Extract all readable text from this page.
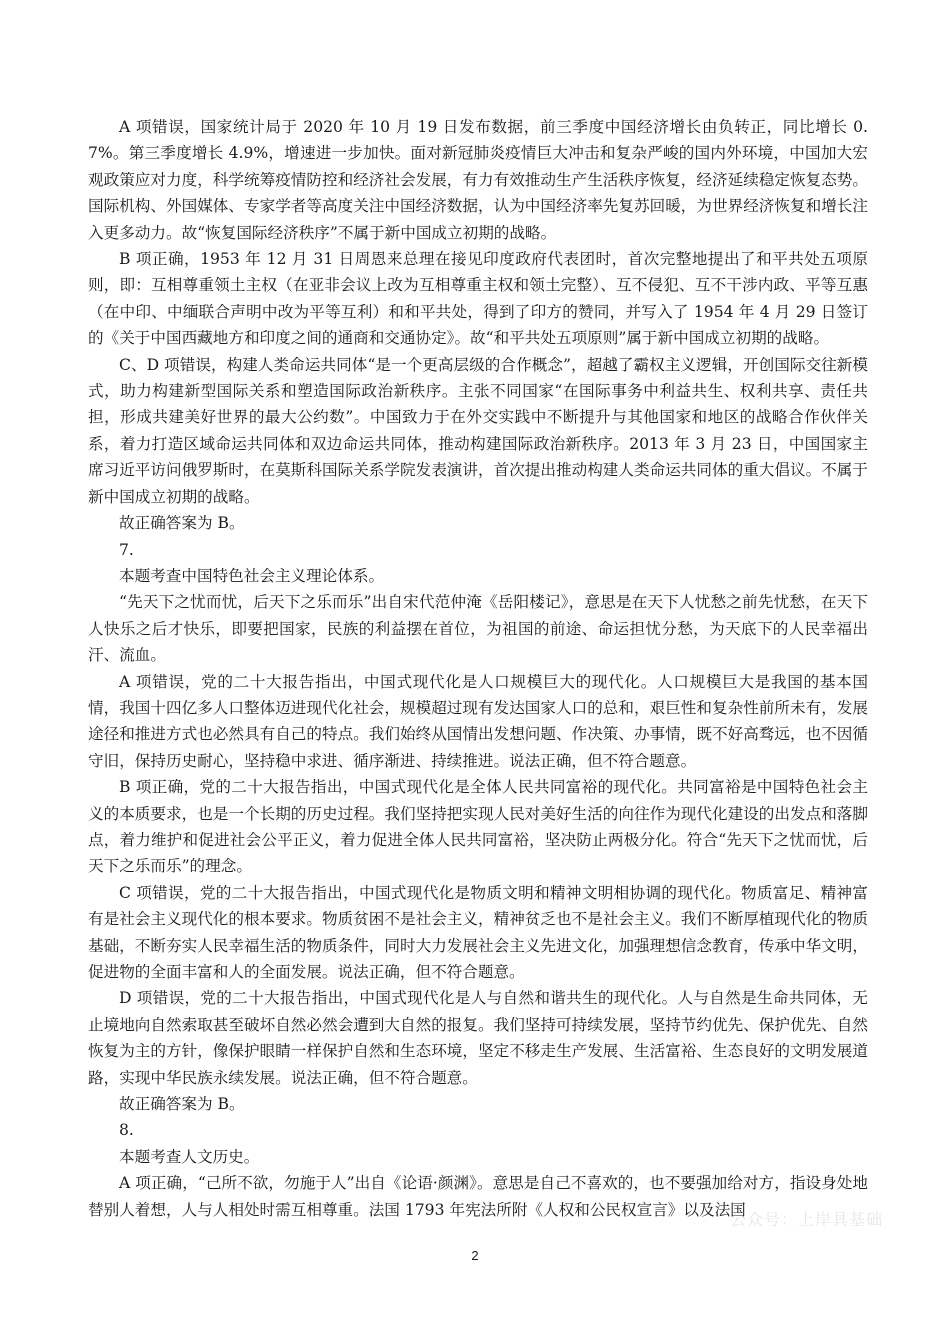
A 项错误，国家统计局于 2020 年 10 月 19 日发布数据，前三季度中国经济增长由负转正，同比增长 0.7%。第三季度增长 4.9%，增速进一步加快。面对新冠肺炎疫情巨大冲击和复杂严峻的国内外环境，中国加大宏观政策应对力度，科学统筹疫情防控和经济社会发展，有力有效推动生产生活秩序恢复，经济延续稳定恢复态势。国际机构、外国媒体、专家学者等高度关注中国经济数据，认为中国经济率先复苏回暖，为世界经济恢复和增长注入更多动力。故“恢复国际经济秩序”不属于新中国成立初期的战略。

B 项正确，1953 年 12 月 31 日周恩来总理在接见印度政府代表团时，首次完整地提出了和平共处五项原则，即：互相尊重领土主权（在亚非会议上改为互相尊重主权和领土完整）、互不侵犯、互不干涉内政、平等互惠（在中印、中缅联合声明中改为平等互利）和和平共处，得到了印方的赞同，并写入了 1954 年 4 月 29 日签订的《关于中国西藏地方和印度之间的通商和交通协定》。故“和平共处五项原则”属于新中国成立初期的战略。

C、D 项错误，构建人类命运共同体“是一个更高层级的合作概念”，超越了霸权主义逻辑，开创国际交往新模式，助力构建新型国际关系和塑造国际政治新秩序。主张不同国家“在国际事务中利益共生、权利共享、责任共担，形成共建美好世界的最大公约数”。中国致力于在外交实践中不断提升与其他国家和地区的战略合作伙伴关系，着力打造区域命运共同体和双边命运共同体，推动构建国际政治新秩序。2013 年 3 月 23 日，中国国家主席习近平访问俄罗斯时，在莫斯科国际关系学院发表演讲，首次提出推动构建人类命运共同体的重大倡议。不属于新中国成立初期的战略。

故正确答案为 B。

7.

本题考查中国特色社会主义理论体系。

“先天下之忧而忧，后天下之乐而乐”出自宋代范仲淹《岳阳楼记》，意思是在天下人忧愁之前先忧愁，在天下人快乐之后才快乐，即要把国家，民族的利益摆在首位，为祖国的前途、命运担忧分愁，为天底下的人民幸福出汗、流血。

A 项错误，党的二十大报告指出，中国式现代化是人口规模巨大的现代化。人口规模巨大是我国的基本国情，我国十四亿多人口整体迈进现代化社会，规模超过现有发达国家人口的总和，艰巨性和复杂性前所未有，发展途径和推进方式也必然具有自己的特点。我们始终从国情出发想问题、作决策、办事情，既不好高骛远，也不因循守旧，保持历史耐心，坚持稳中求进、循序渐进、持续推进。说法正确，但不符合题意。

B 项正确，党的二十大报告指出，中国式现代化是全体人民共同富裕的现代化。共同富裕是中国特色社会主义的本质要求，也是一个长期的历史过程。我们坚持把实现人民对美好生活的向往作为现代化建设的出发点和落脚点，着力维护和促进社会公平正义，着力促进全体人民共同富裕，坚决防止两极分化。符合“先天下之忧而忧，后天下之乐而乐”的理念。

C 项错误，党的二十大报告指出，中国式现代化是物质文明和精神文明相协调的现代化。物质富足、精神富有是社会主义现代化的根本要求。物质贫困不是社会主义，精神贫乏也不是社会主义。我们不断厚植现代化的物质基础，不断夯实人民幸福生活的物质条件，同时大力发展社会主义先进文化，加强理想信念教育，传承中华文明，促进物的全面丰富和人的全面发展。说法正确，但不符合题意。

D 项错误，党的二十大报告指出，中国式现代化是人与自然和谐共生的现代化。人与自然是生命共同体，无止境地向自然索取甚至破坏自然必然会遭到大自然的报复。我们坚持可持续发展，坚持节约优先、保护优先、自然恢复为主的方针，像保护眼睛一样保护自然和生态环境，坚定不移走生产发展、生活富裕、生态良好的文明发展道路，实现中华民族永续发展。说法正确，但不符合题意。

故正确答案为 B。

8.

本题考查人文历史。

A 项正确，“己所不欲，勿施于人”出自《论语·颜渊》。意思是自己不喜欢的，也不要强加给对方，指设身处地替别人着想，人与人相处时需互相尊重。法国 1793 年宪法所附《人权和公民权宣言》以及法国

公众号：上岸具基础
2
